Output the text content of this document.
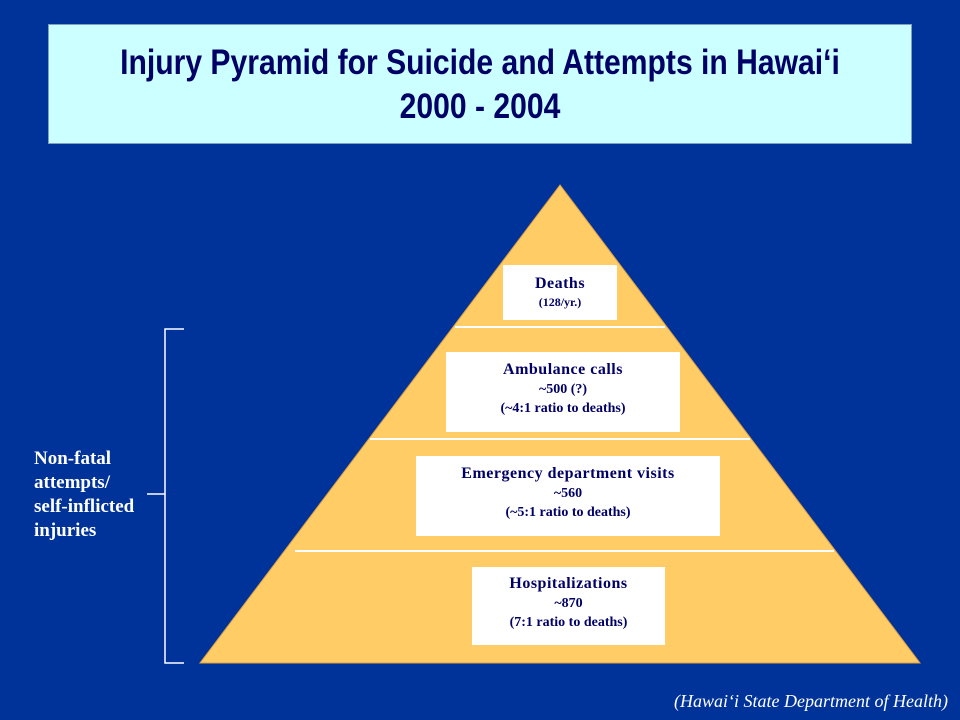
Injury Pyramid for Suicide and Attempts in Hawai‘i
2000 - 2004
Deaths
(128/yr.)
Ambulance calls
~500 (?)
(~4:1 ratio to deaths)
Emergency department visits
~560
(~5:1 ratio to deaths)
Hospitalizations
~870
(7:1 ratio to deaths)
Non-fatal
attempts/
self-inflicted
injuries
(Hawai‘i State Department of Health)
